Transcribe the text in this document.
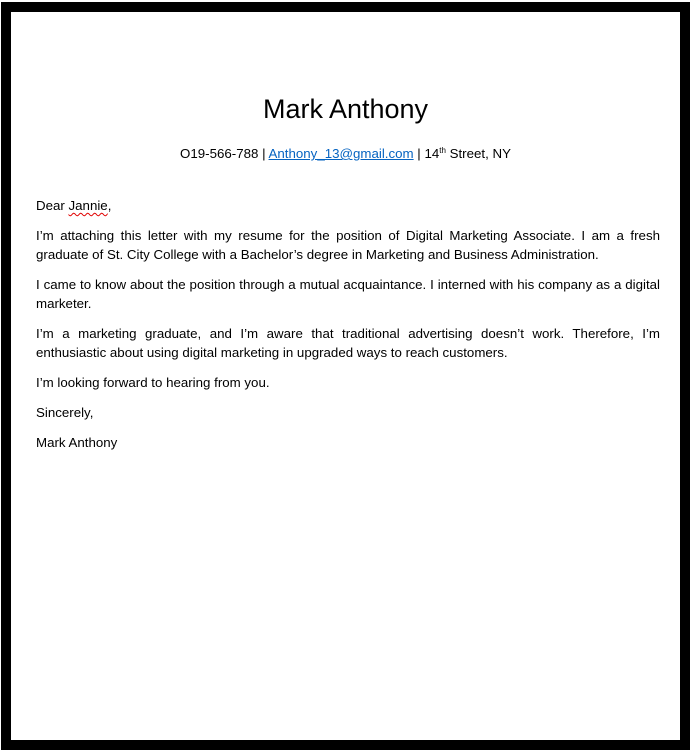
Mark Anthony
O19-566-788 | Anthony_13@gmail.com | 14th Street, NY

Dear Jannie,

I’m attaching this letter with my resume for the position of Digital Marketing Associate. I am a fresh graduate of St. City College with a Bachelor’s degree in Marketing and Business Administration.

I came to know about the position through a mutual acquaintance. I interned with his company as a digital marketer.

I’m a marketing graduate, and I’m aware that traditional advertising doesn’t work. Therefore, I’m enthusiastic about using digital marketing in upgraded ways to reach customers.

I’m looking forward to hearing from you.

Sincerely,

Mark Anthony
